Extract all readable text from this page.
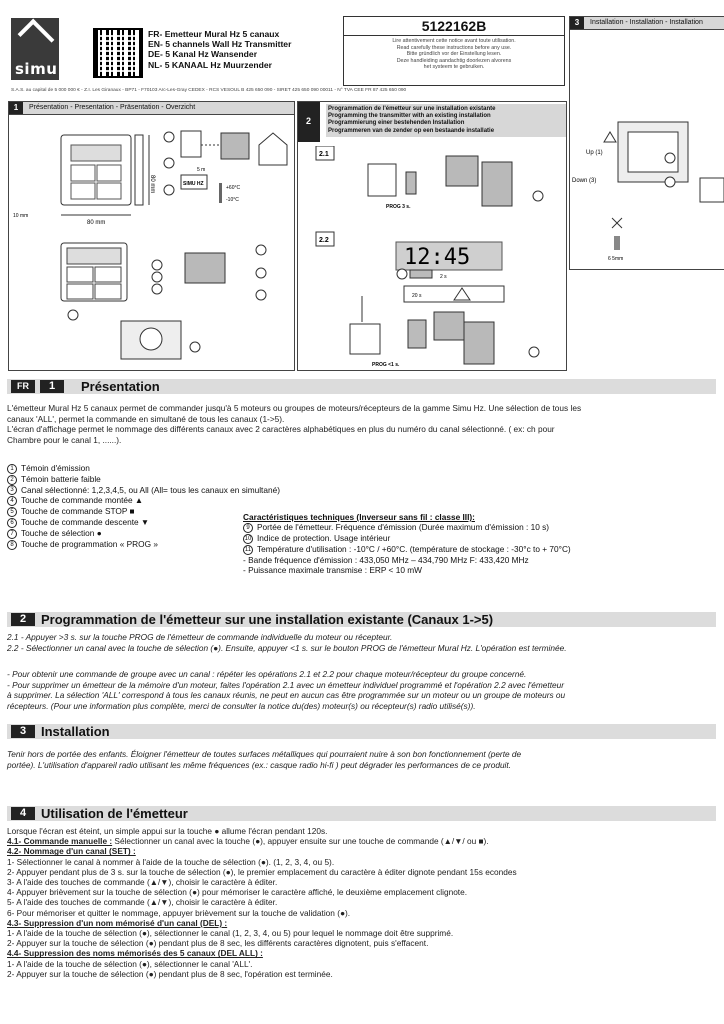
simu
FR- Emetteur Mural Hz 5 canaux
EN- 5 channels Wall Hz Transmitter
DE- 5 Kanal Hz Wansender
NL- 5 KANAAL Hz Muurzender
5122162B
Lire attentivement cette notice avant toute utilisation.
Read carefully these instructions before any use.
Bitte gründlich vor der Einstellung lesen.
Deze handleiding aandachtig doorlezen alvorens
het systeem te gebruiken.
S.A.S. au capital de 5 000 000 € - Z.I. Les Giranaux - BP71 - F70103 Arc-Les-Gray CEDEX - RCS VESOUL B 425 650 090 - SIRET 425 650 090 00011 - N° TVA CEE FR 87 425 650 090
1	Présentation - Presentation - Präsentation - Overzicht
80 mm
80 mm
10 mm
5 m
SIMU HZ
+60°C
-10°C
2
Programmation de l'émetteur sur une installation existante
Programming the transmitter with an existing installation
Programmierung einer bestehenden Installation
Programmeren van de zender op een bestaande installatie
2.1
PROG 3 s.
2.2
12:45
2 s
20 s
PROG <1 s.
3	Installation - Installation - Installation
Up (1)
Down (3)
6 5mm
FR	1	Présentation
L'émetteur Mural Hz 5 canaux permet de commander jusqu'à 5 moteurs ou groupes de moteurs/récepteurs de la gamme Simu Hz. Une sélection de tous les
canaux 'ALL', permet la commande en simultané de tous les canaux (1->5).
L'écran d'affichage permet le nommage des différents canaux avec 2 caractères alphabétiques en plus du numéro du canal sélectionné. ( ex: ch pour
Chambre pour le canal 1, ......).
1 Témoin d'émission
2 Témoin batterie faible
3 Canal sélectionné: 1,2,3,4,5, ou All (All= tous les canaux en simultané)
4 Touche de commande montée ▲
5 Touche de commande STOP ■
6 Touche de commande descente ▼
7 Touche de sélection ●
8 Touche de programmation « PROG »
Caractéristiques techniques (Inverseur sans fil : classe III):
9 Portée de l'émetteur. Fréquence d'émission (Durée maximum d'émission : 10 s)
10 Indice de protection. Usage intérieur
11 Température d'utilisation : -10°C / +60°C. (température de stockage : -30°c to + 70°C)
- Bande fréquence d'émission : 433,050 MHz – 434,790 MHz F: 433,420 MHz
- Puissance maximale transmise : ERP < 10 mW
2	Programmation de l'émetteur sur une installation existante (Canaux 1->5)
2.1 - Appuyer >3 s. sur la touche PROG de l'émetteur de commande individuelle du moteur ou récepteur.
2.2 - Sélectionner un canal avec la touche de sélection (●). Ensuite, appuyer <1 s. sur le bouton PROG de l'émetteur Mural Hz. L'opération est terminée.
- Pour obtenir une commande de groupe avec un canal : répéter les opérations 2.1 et 2.2 pour chaque moteur/récepteur du groupe concerné.
- Pour supprimer un émetteur de la mémoire d'un moteur, faites l'opération 2.1 avec un émetteur individuel programmé et l'opération 2.2 avec l'émetteur
à supprimer. La sélection 'ALL' correspond à tous les canaux réunis, ne peut en aucun cas être programmée sur un moteur ou un groupe de moteurs ou
récepteurs. (Pour une information plus complète, merci de consulter la notice du(des) moteur(s) ou récepteur(s) radio utilisé(s)).
3	Installation
Tenir hors de portée des enfants. Éloigner l'émetteur de toutes surfaces métalliques qui pourraient nuire à son bon fonctionnement (perte de
portée). L'utilisation d'appareil radio utilisant les même fréquences (ex.: casque radio hi-fi ) peut dégrader les performances de ce produit.
4	Utilisation de l'émetteur
Lorsque l'écran est éteint, un simple appui sur la touche ● allume l'écran pendant 120s.
4.1- Commande manuelle : Sélectionner un canal avec la touche (●), appuyer ensuite sur une touche de commande (▲/▼/ ou ■).
4.2- Nommage d'un canal (SET) :
1- Sélectionner le canal à nommer à l'aide de la touche de sélection (●). (1, 2, 3, 4, ou 5).
2- Appuyer pendant plus de 3 s. sur la touche de sélection (●), le premier emplacement du caractère à éditer dignote pendant 15s econdes
3- A l'aide des touches de commande (▲/▼), choisir le caractère à éditer.
4- Appuyer brièvement sur la touche de sélection (●) pour mémoriser le caractère affiché, le deuxième emplacement clignote.
5- A l'aide des touches de commande (▲/▼), choisir le caractère à éditer.
6- Pour mémoriser et quitter le nommage, appuyer brièvement sur la touche de validation (●).
4.3- Suppression d'un nom mémorisé d'un canal (DEL) :
1- A l'aide de la touche de sélection (●), sélectionner le canal (1, 2, 3, 4, ou 5) pour lequel le nommage doit être supprimé.
2- Appuyer sur la touche de sélection (●) pendant plus de 8 sec, les différents caractères dignotent, puis s'effacent.
4.4- Suppression des noms mémorisés des 5 canaux (DEL ALL) :
1- A l'aide de la touche de sélection (●), sélectionner le canal 'ALL'.
2- Appuyer sur la touche de sélection (●) pendant plus de 8 sec, l'opération est terminée.
